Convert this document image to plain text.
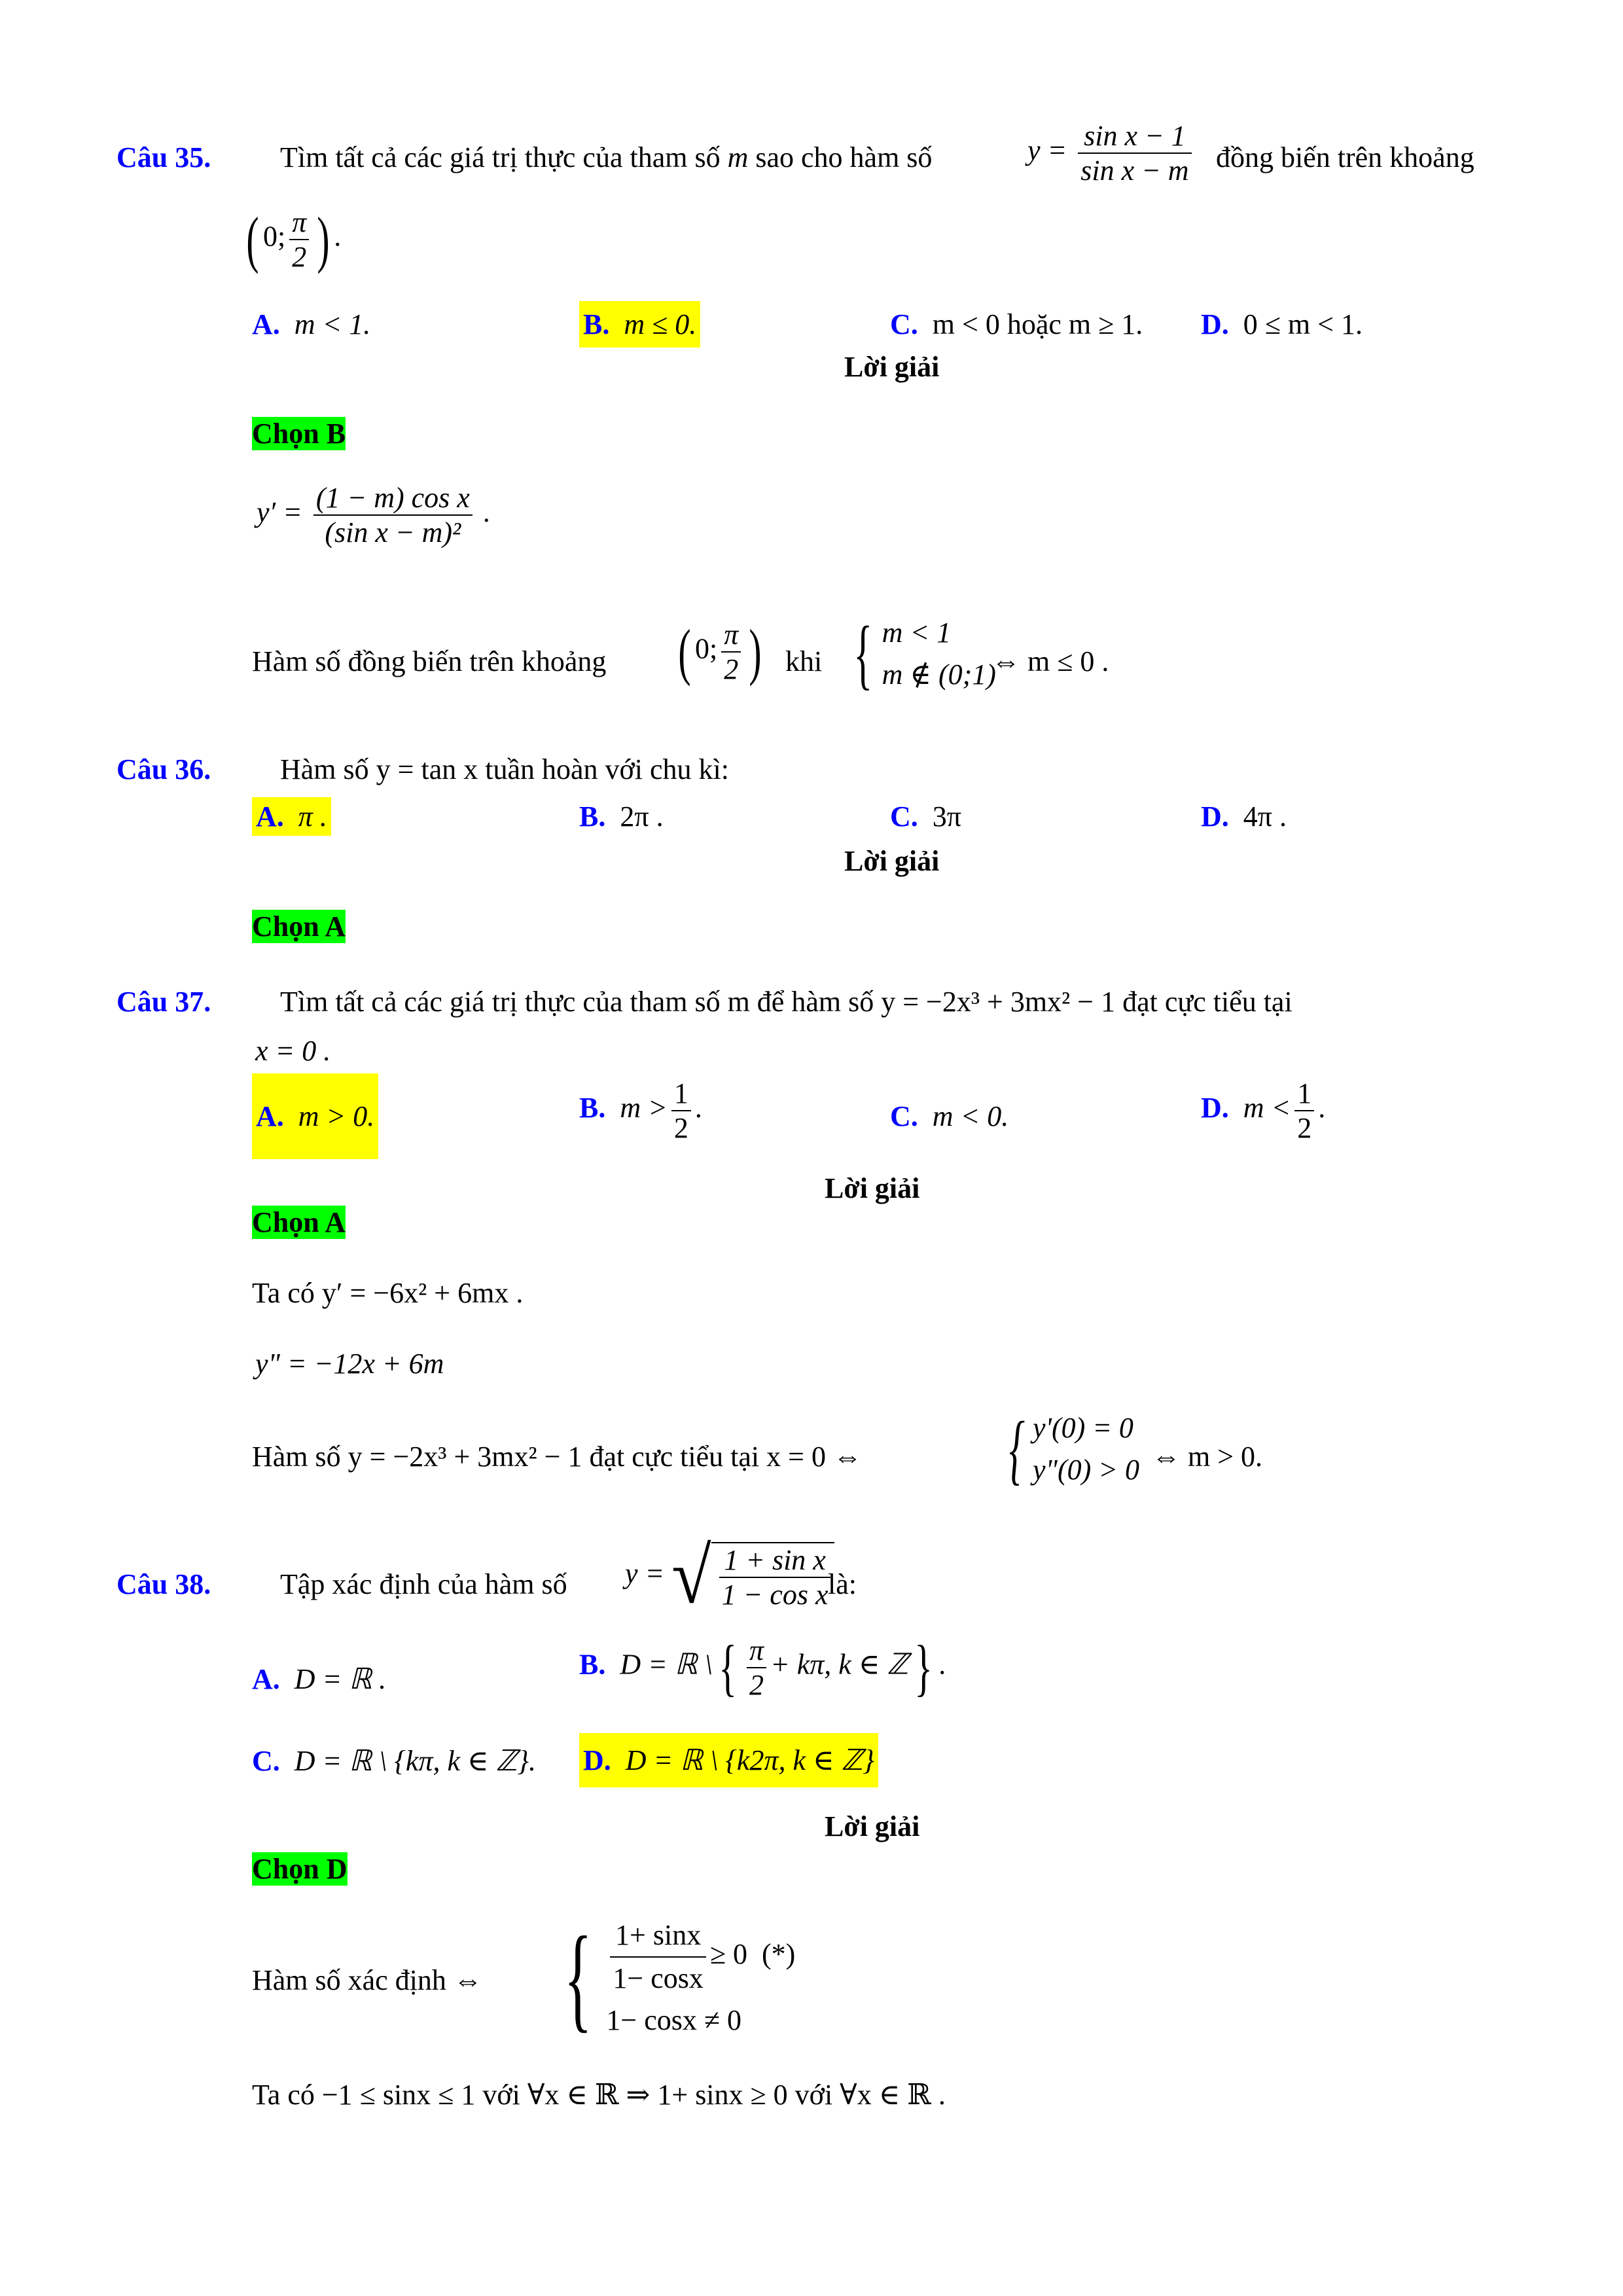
Câu 35. Tìm tất cả các giá trị thực của tham số m sao cho hàm số	$y = \frac{\text{sin x − 1}}{\text{sin x − m}}$ đồng biến trên khoảng
( 0; $\frac{\pi}{2}$ ) .
A. m < 1.	B. m ≤ 0.	C. m < 0 hoặc m ≥ 1. D. 0 ≤ m < 1.
Lời giải
Chọn B
$y' = \frac{\text{(1 − m) cos x}}{\text{(sin x − m)²}}$ .
Hàm số đồng biến trên khoảng ( 0; $\frac{\pi}{2}$ ) khi { m < 1
m ∉ (0;1)
⇔ m ≤ 0 .
Câu 36. Hàm số y = tan x tuần hoàn với chu kì:
A. π .	B. 2π .	C. 3π	D. 4π .
Lời giải
Chọn A
Câu 37. Tìm tất cả các giá trị thực của tham số m để hàm số y = −2x³ + 3mx² − 1 đạt cực tiểu tại
x = 0 .
A. m > 0.	B. $m > \frac{1}{2}$ .	C. m < 0.	D. $m < \frac{1}{2}$ .
Lời giải
Chọn A
Ta có y′ = −6x² + 6mx .
y" = −12x + 6m
Hàm số y = −2x³ + 3mx² − 1 đạt cực tiểu tại x = 0 ⇔ { y'(0) = 0
y"(0) > 0 ⇔ m > 0.
Câu 38. Tập xác định của hàm số y = √ $\frac{\text{1 + sin x}}{\text{1 − cos x}}$
là:
A. D = ℝ .	B. D = ℝ \{ $\frac{\pi}{2} + k\pi$, k ∈ ℤ} .
C. D = ℝ \ {kπ, k ∈ ℤ}. D. D = ℝ \ {k2π, k ∈ ℤ}
Lời giải
Chọn D
Hàm số xác định ⇔ { $\frac{1+ \sin x}{1- \cos x} \ge 0$ (*)
1− cosx ≠ 0
Ta có −1 ≤ sinx ≤ 1 với ∀x ∈ ℝ ⇒ 1+ sinx ≥ 0 với ∀x ∈ ℝ .
